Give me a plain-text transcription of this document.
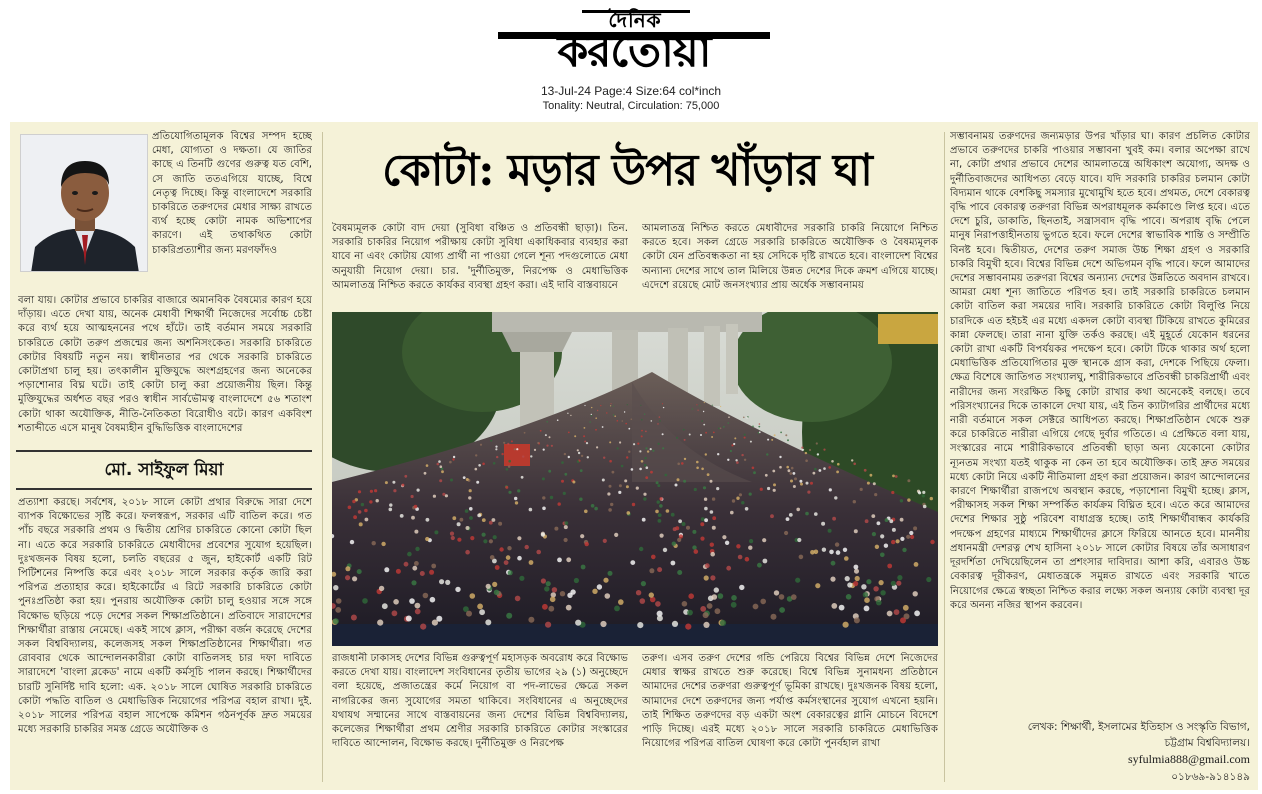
দৈনিক
করতোয়া
13-Jul-24 Page:4 Size:64 col*inch
Tonality: Neutral, Circulation: 75,000

প্রতিযোগিতামূলক বিশ্বের সম্পদ হচ্ছে মেধা, যোগ্যতা ও দক্ষতা। যে জাতির কাছে এ তিনটি গুণের গুরুত্ব যত বেশি, সে জাতি ততএগিয়ে যাচ্ছে, বিশ্বে নেতৃত্ব দিচ্ছে। কিন্তু বাংলাদেশে সরকারি চাকরিতে তরুণদের মেধার সাক্ষ্য রাখতে ব্যর্থ হচ্ছে কোটা নামক অভিশাপের কারণে। এই তথাকথিত কোটা চাকরিপ্রত্যাশীর জন্য মরণফাঁদও

বলা যায়। কোটার প্রভাবে চাকরির বাজারে অমানবিক বৈষম্যের কারণ হয়ে দাঁড়ায়। এতে দেখা যায়, অনেক মেধাবী শিক্ষার্থী নিজেদের সর্বোচ্চ চেষ্টা করে ব্যর্থ হয়ে আত্মহননের পথে হাঁটে। তাই বর্তমান সময়ে সরকারি চাকরিতে কোটা তরুণ প্রজন্মের জন্য অশনিসংকেত। সরকারি চাকরিতে কোটার বিষয়টি নতুন নয়। স্বাধীনতার পর থেকে সরকারি চাকরিতে কোটাপ্রথা চালু হয়। তৎকালীন মুক্তিযুদ্ধে অংশগ্রহণের জন্য অনেকের পড়াশোনার বিঘ্ন ঘটে। তাই কোটা চালু করা প্রয়োজনীয় ছিল। কিন্তু মুক্তিযুদ্ধের অর্ধশত বছর পরও স্বাধীন সার্বভৌমত্ব বাংলাদেশে ৫৬ শতাংশ কোটা থাকা অযৌক্তিক, নীতি-নৈতিকতা বিরোধীও বটে। কারণ একবিংশ শতাব্দীতে এসে মানুষ বৈষম্যহীন বুদ্ধিভিত্তিক বাংলাদেশের

মো. সাইফুল মিয়া

প্রত্যাশা করছে। সর্বশেষ, ২০১৮ সালে কোটা প্রথার বিরুদ্ধে সারা দেশে ব্যাপক বিক্ষোভের সৃষ্টি করে। ফলস্বরূপ, সরকার এটি বাতিল করে। গত পাঁচ বছরে সরকারি প্রথম ও দ্বিতীয় শ্রেণির চাকরিতে কোনো কোটা ছিল না। এতে করে সরকারি চাকরিতে মেধাবীদের প্রবেশের সুযোগ হয়েছিল। দুঃখজনক বিষয় হলো, চলতি বছরের ৫ জুন, হাইকোর্ট একটি রিট পিটিশনের নিষ্পত্তি করে এবং ২০১৮ সালে সরকার কর্তৃক জারি করা পরিপত্র প্রত্যাহার করে। হাইকোর্টের এ রিটে সরকারি চাকরিতে কোটা পুনঃপ্রতিষ্ঠা করা হয়। পুনরায় অযৌক্তিক কোটা চালু হওয়ার সঙ্গে সঙ্গে বিক্ষোভ ছড়িয়ে পড়ে দেশের সকল শিক্ষাপ্রতিষ্ঠানে। প্রতিবাদে সারাদেশের শিক্ষার্থীরা রাস্তায় নেমেছে। একই সাথে ক্লাস, পরীক্ষা বর্জন করেছে দেশের সকল বিশ্ববিদ্যালয়, কলেজসহ সকল শিক্ষাপ্রতিষ্ঠানের শিক্ষার্থীরা। গত রোববার থেকে আন্দোলনকারীরা কোটা বাতিলসহ চার দফা দাবিতে সারাদেশে 'বাংলা ব্লকেড' নামে একটি কর্মসূচি পালন করছে। শিক্ষার্থীদের চারটি সুনির্দিষ্ট দাবি হলো: এক. ২০১৮ সালে ঘোষিত সরকারি চাকরিতে কোটা পদ্ধতি বাতিল ও মেধাভিত্তিক নিয়োগের পরিপত্র বহাল রাখা। দুই. ২০১৮ সালের পরিপত্র বহাল সাপেক্ষে কমিশন গঠনপূর্বক দ্রুত সময়ের মধ্যে সরকারি চাকরির সমস্ত গ্রেডে অযৌক্তিক ও

কোটা: মড়ার উপর খাঁড়ার ঘা

বৈষম্যমূলক কোটা বাদ দেয়া (সুবিধা বঞ্চিত ও প্রতিবন্ধী ছাড়া)। তিন. সরকারি চাকরির নিয়োগ পরীক্ষায় কোটা সুবিধা একাধিকবার ব্যবহার করা যাবে না এবং কোটায় যোগ্য প্রার্থী না পাওয়া গেলে শূন্য পদগুলোতে মেধা অনুযায়ী নিয়োগ দেয়া। চার. 'দুর্নীতিমুক্ত, নিরপেক্ষ ও মেধাভিত্তিক আমলাতন্ত্র নিশ্চিত করতে কার্যকর ব্যবস্থা গ্রহণ করা। এই দাবি বাস্তবায়নে

আমলাতন্ত্র নিশ্চিত করতে মেধাবীদের সরকারি চাকরি নিয়োগে নিশ্চিত করতে হবে। সকল গ্রেডে সরকারি চাকরিতে অযৌক্তিক ও বৈষম্যমূলক কোটা যেন প্রতিবন্ধকতা না হয় সেদিকে দৃষ্টি রাখতে হবে। বাংলাদেশ বিশ্বের অন্যান্য দেশের সাথে তাল মিলিয়ে উন্নত দেশের দিকে ক্রমশ এগিয়ে যাচ্ছে। এদেশে রয়েছে মোট জনসংখ্যার প্রায় অর্ধেক সম্ভাবনাময়

রাজধানী ঢাকাসহ দেশের বিভিন্ন গুরুত্বপূর্ণ মহাসড়ক অবরোধ করে বিক্ষোভ করতে দেখা যায়। বাংলাদেশ সংবিধানের তৃতীয় ভাগের ২৯ (১) অনুচ্ছেদে বলা হয়েছে, প্রজাতন্ত্রের কর্মে নিয়োগ বা পদ-লাভের ক্ষেত্রে সকল নাগরিকের জন্য সুযোগের সমতা থাকিবে। সংবিধানের এ অনুচ্ছেদের যথাযথ সম্মানের সাথে বাস্তবায়নের জন্য দেশের বিভিন্ন বিশ্ববিদ্যালয়, কলেজের শিক্ষার্থীরা প্রথম শ্রেণীর সরকারি চাকরিতে কোটার সংস্কারের দাবিতে আন্দোলন, বিক্ষোভ করছে। দুর্নীতিমুক্ত ও নিরপেক্ষ

তরুণ। এসব তরুণ দেশের গন্ডি পেরিয়ে বিশ্বের বিভিন্ন দেশে নিজেদের মেধার স্বাক্ষর রাখতে শুরু করেছে। বিশ্বে বিভিন্ন সুনামধন্য প্রতিষ্ঠানে আমাদের দেশের তরুণরা গুরুত্বপূর্ণ ভূমিকা রাখছে। দুঃখজনক বিষয় হলো, আমাদের দেশে তরুণদের জন্য পর্যাপ্ত কর্মসংস্থানের সুযোগ এখনো হয়নি। তাই শিক্ষিত তরুণদের বড় একটা অংশ বেকারত্বের গ্লানি মোচনে বিদেশে পাড়ি দিচ্ছে। এরই মধ্যে ২০১৮ সালে সরকারি চাকরিতে মেধাভিত্তিক নিয়োগের পরিপত্র বাতিল ঘোষণা করে কোটা পুনর্বহাল রাখা

সম্ভাবনাময় তরুণদের জন্যমড়ার উপর খাঁড়ার ঘা। কারণ প্রচলিত কোটার প্রভাবে তরুণদের চাকরি পাওয়ার সম্ভাবনা খুবই কম। বলার অপেক্ষা রাখে না, কোটা প্রথার প্রভাবে দেশের আমলাতন্ত্রে অধিকাংশ অযোগ্য, অদক্ষ ও দুর্নীতিবাজদের আধিপত্য বেড়ে যাবে। যদি সরকারি চাকরির চলমান কোটা বিদ্যমান থাকে বেশকিছু সমস্যার মুখোমুখি হতে হবে। প্রথমত, দেশে বেকারত্ব বৃদ্ধি পাবে বেকারত্ব তরুণরা বিভিন্ন অপরাধমূলক কর্মকাণ্ডে লিপ্ত হবে। এতে দেশে চুরি, ডাকাতি, ছিনতাই, সন্ত্রাসবাদ বৃদ্ধি পাবে। অপরাধ বৃদ্ধি পেলে মানুষ নিরাপত্তাহীনতায় ভুগতে হবে। ফলে দেশের স্বাভাবিক শান্তি ও সম্প্রীতি বিনষ্ট হবে। দ্বিতীয়ত, দেশের তরুণ সমাজ উচ্চ শিক্ষা গ্রহণ ও সরকারি চাকরি বিমুখী হবে। বিশ্বের বিভিন্ন দেশে অভিগমন বৃদ্ধি পাবে। ফলে আমাদের দেশের সম্ভাবনাময় তরুণরা বিশ্বের অন্যান্য দেশের উন্নতিতে অবদান রাখবে। আমরা মেধা শূন্য জাতিতে পরিণত হব। তাই সরকারি চাকরিতে চলমান কোটা বাতিল করা সময়ের দাবি। সরকারি চাকরিতে কোটা বিলুপ্তি নিয়ে চারদিকে এত হইচই এর মধ্যে একদল কোটা ব্যবস্থা টিকিয়ে রাখতে কুমিরের কান্না ফেলছে। তারা নানা যুক্তি তর্কও করছে। এই মুহূর্তে যেকোন ধরনের কোটা রাখা একটি বিপর্যয়কর পদক্ষেপ হবে। কোটা টিকে থাকার অর্থ হলো মেধাভিত্তিক প্রতিযোগিতার মুক্ত স্থানকে গ্রাস করা, দেশকে পিছিয়ে ফেলা। ক্ষেত্র বিশেষে জাতিগত সংখ্যালঘু, শারীরিকভাবে প্রতিবন্ধী চাকরিপ্রার্থী এবং নারীদের জন্য সংরক্ষিত কিছু কোটা রাখার কথা অনেকেই বলছে। তবে পরিসংখ্যানের দিকে তাকালে দেখা যায়, এই তিন ক্যাটাগরির প্রার্থীদের মধ্যে নারী বর্তমানে সকল সেক্টরে আধিপত্য করছে। শিক্ষাপ্রতিষ্ঠান থেকে শুরু করে চাকরিতে নারীরা এগিয়ে গেছে দুর্বার গতিতে। এ প্রেক্ষিতে বলা যায়, সংস্কারের নামে শারীরিকভাবে প্রতিবন্ধী ছাড়া অন্য যেকোনো কোটার ন্যূনতম সংখ্যা যতই থাকুক না কেন তা হবে অযৌক্তিক। তাই দ্রুত সময়ের মধ্যে কোটা নিয়ে একটি নীতিমালা গ্রহণ করা প্রয়োজন। কারণ আন্দোলনের কারণে শিক্ষার্থীরা রাজপথে অবস্থান করছে, পড়াশোনা বিমুখী হচ্ছে। ক্লাস, পরীক্ষাসহ সকল শিক্ষা সম্পর্কিত কার্যক্রম বিঘ্নিত হবে। এতে করে আমাদের দেশের শিক্ষার সুষ্ঠু পরিবেশ বাধাগ্রস্ত হচ্ছে। তাই শিক্ষার্থীবান্ধব কার্যকরি পদক্ষেপ গ্রহণের মাধ্যমে শিক্ষার্থীদের ক্লাসে ফিরিয়ে আনতে হবে। মাননীয় প্রধানমন্ত্রী দেশরত্ন শেখ হাসিনা ২০১৮ সালে কোটার বিষয়ে তাঁর অসাধারণ দূরদর্শিতা দেখিয়েছিলেন তা প্রশংসার দাবিদার। আশা করি, এবারও উচ্চ বেকারত্ব দূরীকরণ, মেধাতন্ত্রকে সমুন্নত রাখতে এবং সরকারি খাতে নিয়োগের ক্ষেত্রে স্বচ্ছতা নিশ্চিত করার লক্ষ্যে সকল অন্যায় কোটা ব্যবস্থা দূর করে অনন্য নজির স্থাপন করবেন।

লেখক: শিক্ষার্থী, ইসলামের ইতিহাস ও সংস্কৃতি বিভাগ,
চট্টগ্রাম বিশ্ববিদ্যালয়।
syfulmia888@gmail.com
০১৮৬৯-৯১৪১৪৯
